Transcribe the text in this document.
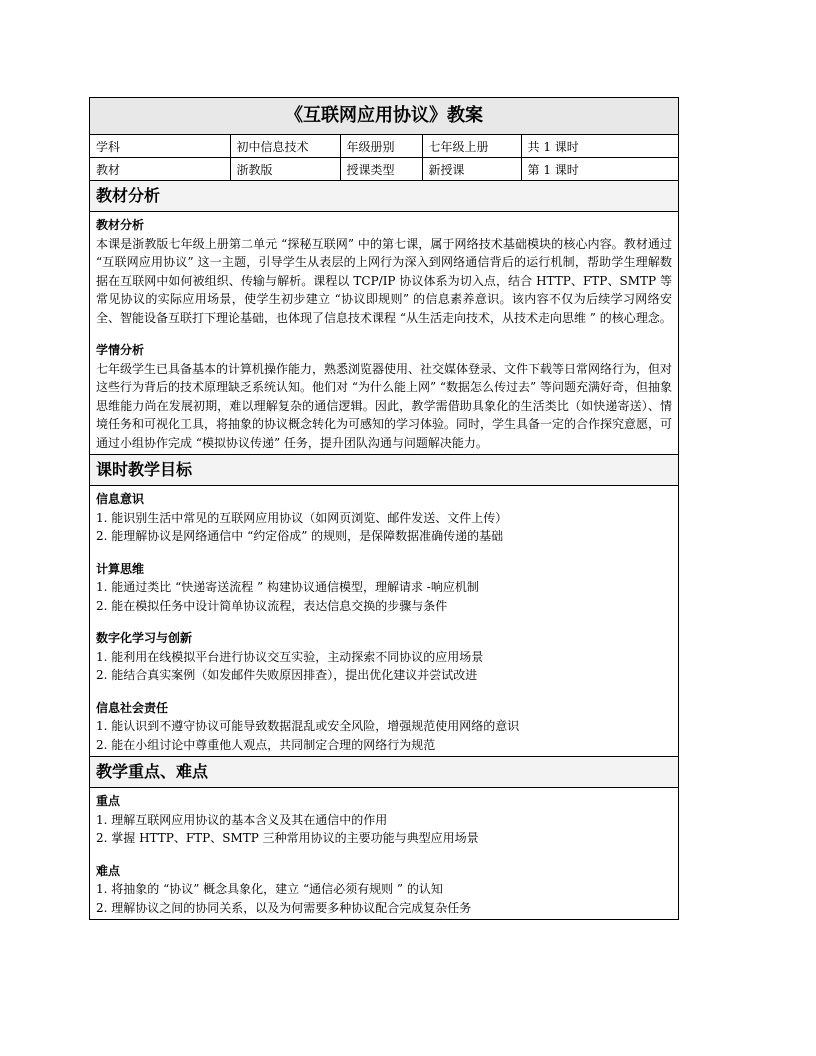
《互联网应用协议》教案
学科	初中信息技术	年级册别	七年级上册	共 1 课时
教材	浙教版	授课类型	新授课	第 1 课时
教材分析
教材分析
本课是浙教版七年级上册第二单元 “探秘互联网” 中的第七课，属于网络技术基础模块的核心内容。教材通过 “互联网应用协议” 这一主题，引导学生从表层的上网行为深入到网络通信背后的运行机制，帮助学生理解数据在互联网中如何被组织、传输与解析。课程以 TCP/IP 协议体系为切入点，结合 HTTP、FTP、SMTP 等常见协议的实际应用场景，使学生初步建立 “协议即规则” 的信息素养意识。该内容不仅为后续学习网络安全、智能设备互联打下理论基础，也体现了信息技术课程 “从生活走向技术，从技术走向思维 ” 的核心理念。
学情分析
七年级学生已具备基本的计算机操作能力，熟悉浏览器使用、社交媒体登录、文件下载等日常网络行为，但对这些行为背后的技术原理缺乏系统认知。他们对 “为什么能上网” “数据怎么传过去” 等问题充满好奇，但抽象思维能力尚在发展初期，难以理解复杂的通信逻辑。因此，教学需借助具象化的生活类比（如快递寄送）、情境任务和可视化工具，将抽象的协议概念转化为可感知的学习体验。同时，学生具备一定的合作探究意愿，可通过小组协作完成 “模拟协议传递” 任务，提升团队沟通与问题解决能力。
课时教学目标
信息意识
1. 能识别生活中常见的互联网应用协议（如网页浏览、邮件发送、文件上传）
2. 能理解协议是网络通信中 “约定俗成” 的规则，是保障数据准确传递的基础
计算思维
1. 能通过类比 “快递寄送流程 ” 构建协议通信模型，理解请求 -响应机制
2. 能在模拟任务中设计简单协议流程，表达信息交换的步骤与条件
数字化学习与创新
1. 能利用在线模拟平台进行协议交互实验，主动探索不同协议的应用场景
2. 能结合真实案例（如发邮件失败原因排查），提出优化建议并尝试改进
信息社会责任
1. 能认识到不遵守协议可能导致数据混乱或安全风险，增强规范使用网络的意识
2. 能在小组讨论中尊重他人观点，共同制定合理的网络行为规范
教学重点、难点
重点
1. 理解互联网应用协议的基本含义及其在通信中的作用
2. 掌握 HTTP、FTP、SMTP 三种常用协议的主要功能与典型应用场景
难点
1. 将抽象的 “协议” 概念具象化，建立 “通信必须有规则 ” 的认知
2. 理解协议之间的协同关系，以及为何需要多种协议配合完成复杂任务
